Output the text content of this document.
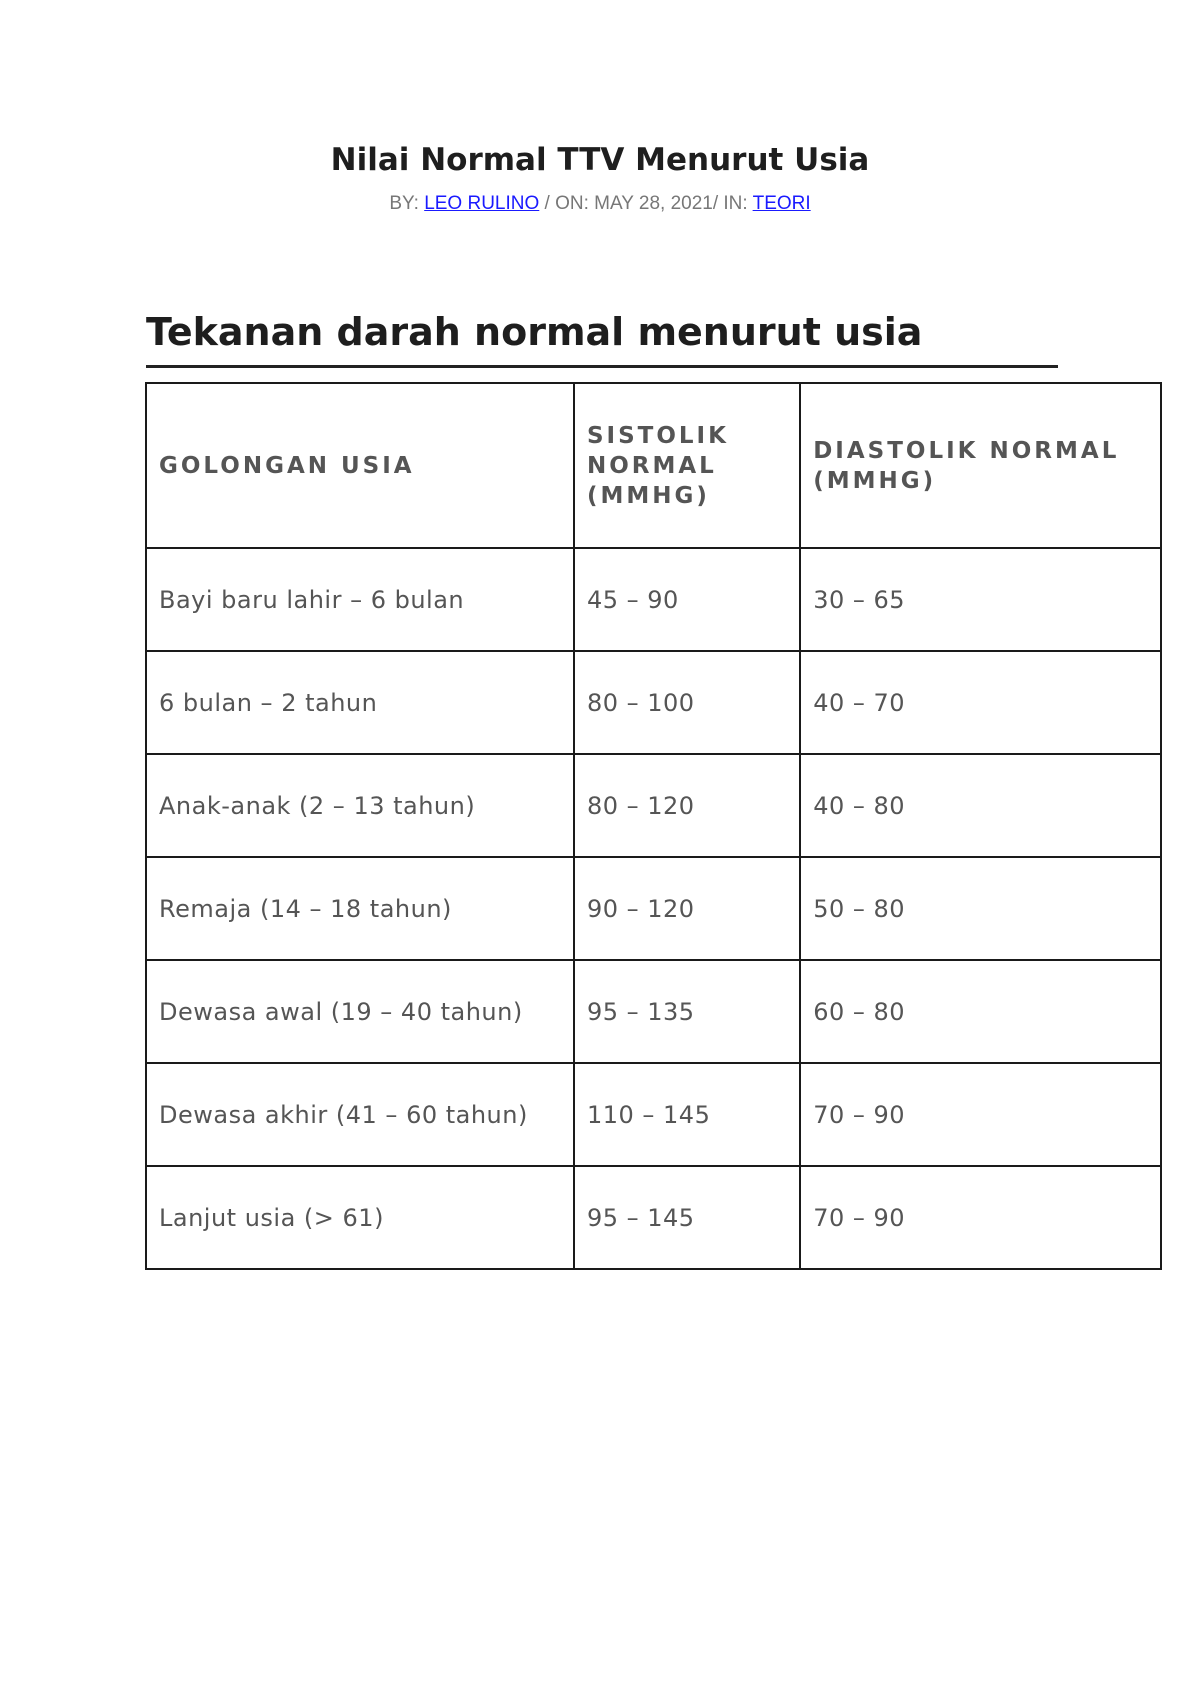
Nilai Normal TTV Menurut Usia
BY: LEO RULINO / ON: MAY 28, 2021/ IN: TEORI
Tekanan darah normal menurut usia
GOLONGAN USIA	SISTOLIK NORMAL (MMHG)	DIASTOLIK NORMAL (MMHG)
Bayi baru lahir – 6 bulan	45 – 90	30 – 65
6 bulan – 2 tahun	80 – 100	40 – 70
Anak-anak (2 – 13 tahun)	80 – 120	40 – 80
Remaja (14 – 18 tahun)	90 – 120	50 – 80
Dewasa awal (19 – 40 tahun)	95 – 135	60 – 80
Dewasa akhir (41 – 60 tahun)	110 – 145	70 – 90
Lanjut usia (> 61)	95 – 145	70 – 90
